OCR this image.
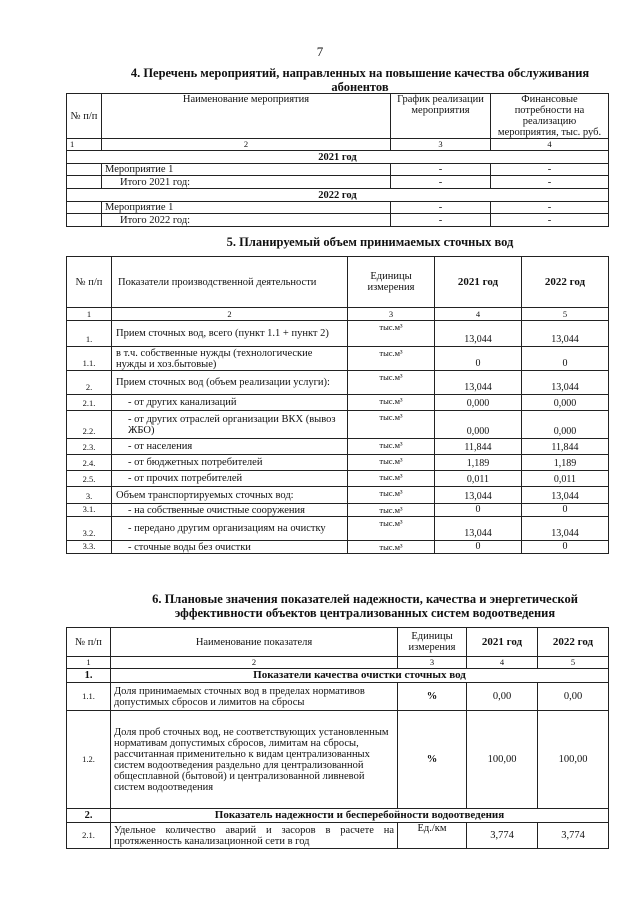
7
4. Перечень мероприятий, направленных на повышение качества обслуживания
абонентов
№ п/п	Наименование мероприятия	График реализации мероприятия	Финансовые потребности на реализацию мероприятия, тыс. руб.
1	2	3	4
2021 год			
	Мероприятие 1	-	-
	Итого 2021 год:	-	-
2022 год			
	Мероприятие 1	-	-
	Итого 2022 год:	-	-
5. Планируемый объем принимаемых сточных вод
№ п/п	Показатели производственной деятельности	Единицы измерения	2021 год	2022 год
1	2	3	4	5
1.	Прием сточных вод, всего (пункт 1.1 + пункт 2)	тыс.м³	13,044	13,044
1.1.	в т.ч. собственные нужды (технологические нужды и хоз.бытовые)	тыс.м³	0	0
2.	Прием сточных вод (объем реализации услуги):	тыс.м³	13,044	13,044
2.1.	- от других канализаций	тыс.м³	0,000	0,000
2.2.	- от других отраслей организации ВКХ (вывоз ЖБО)	тыс.м³	0,000	0,000
2.3.	- от населения	тыс.м³	11,844	11,844
2.4.	- от бюджетных потребителей	тыс.м³	1,189	1,189
2.5.	- от прочих потребителей	тыс.м³	0,011	0,011
3.	Объем транспортируемых сточных вод:	тыс.м³	13,044	13,044
3.1.	- на собственные очистные сооружения	тыс.м³	0	0
3.2.	- передано другим организациям на очистку	тыс.м³	13,044	13,044
3.3.	- сточные воды без очистки	тыс.м³	0	0
6. Плановые значения показателей надежности, качества и энергетической
эффективности объектов централизованных систем водоотведения
№ п/п	Наименование показателя	Единицы измерения	2021 год	2022 год
1	2	3	4	5
1.	Показатели качества очистки сточных вод			
1.1.	Доля принимаемых сточных вод в пределах нормативов допустимых сбросов и лимитов на сбросы	%	0,00	0,00
1.2.	Доля проб сточных вод, не соответствующих установленным нормативам допустимых сбросов, лимитам на сбросы, рассчитанная применительно к видам централизованных систем водоотведения раздельно для централизованной общесплавной (бытовой) и централизованной ливневой систем водоотведения	%	100,00	100,00
2.	Показатель надежности и бесперебойности водоотведения			
2.1.	Удельное количество аварий и засоров в расчете на протяженность канализационной сети в год	Ед./км	3,774	3,774
